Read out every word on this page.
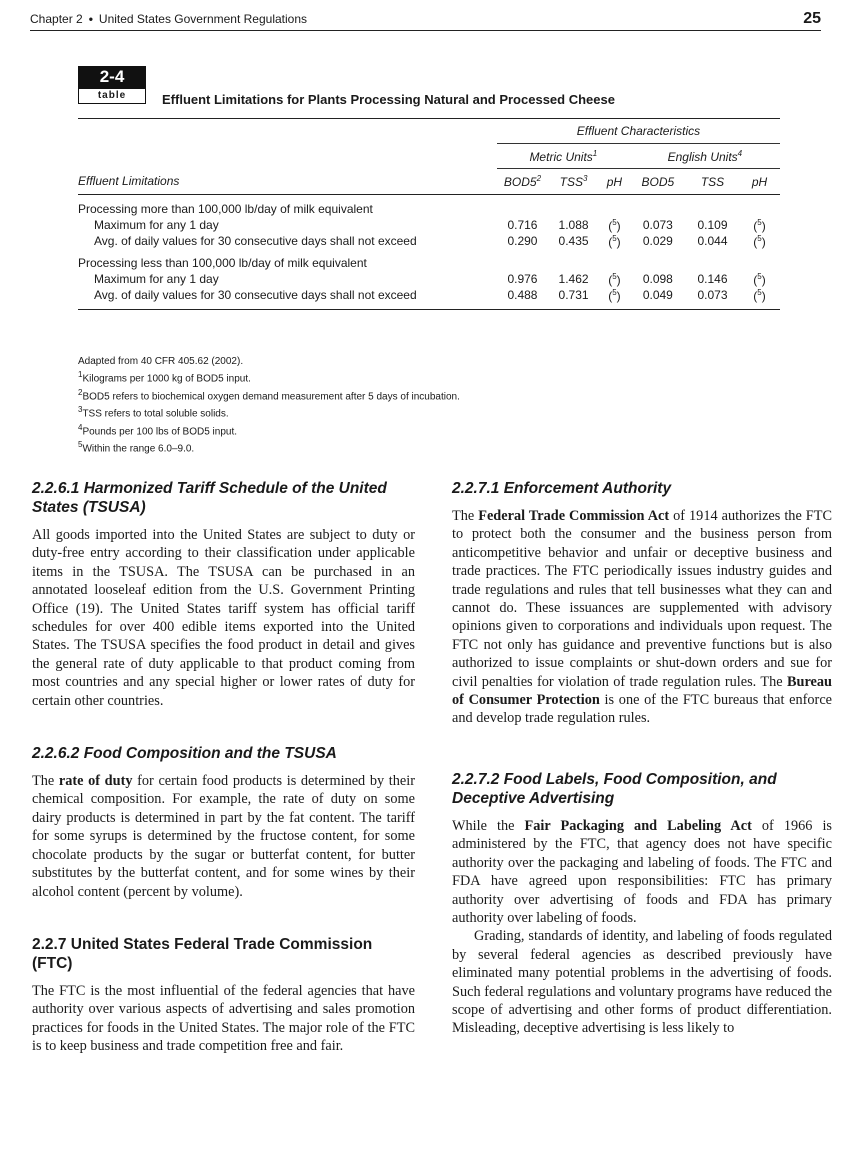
Chapter 2 • United States Government Regulations	25
2-4
table	Effluent Limitations for Plants Processing Natural and Processed Cheese

	Effluent Characteristics					
	Metric Units$^1$			English Units$^4$
Effluent Limitations	$BOD5^2$	TSS$^3$	pH	BOD5	TSS	pH
Processing more than 100,000 lb/day of milk equivalent						
Maximum for any 1 day	0.716	1.088	($^5$)	0.073	0.109	($^5$)
Avg. of daily values for 30 consecutive days shall not exceed	0.290	0.435	($^5$)	0.029	0.044	($^5$)
Processing less than 100,000 lb/day of milk equivalent						
Maximum for any 1 day	0.976	1.462	($^5$)	0.098	0.146	($^5$)
Avg. of daily values for 30 consecutive days shall not exceed	0.488	0.731	($^5$)	0.049	0.073	($^5$)

Adapted from 40 CFR 405.62 (2002).
$^1$Kilograms per 1000 kg of BOD5 input.
$^2$BOD5 refers to biochemical oxygen demand measurement after 5 days of incubation.
$^3$TSS refers to total soluble solids.
$^4$Pounds per 100 lbs of BOD5 input.
$^5$Within the range 6.0–9.0.
2.2.6.1 Harmonized Tariff Schedule of the United States (TSUSA)

All goods imported into the United States are subject to duty or duty-free entry according to their classification under applicable items in the TSUSA. The TSUSA can be purchased in an annotated looseleaf edition from the U.S. Government Printing Office (19). The United States tariff system has official tariff schedules for over 400 edible items exported into the United States. The TSUSA specifies the food product in detail and gives the general rate of duty applicable to that product coming from most countries and any special higher or lower rates of duty for certain other countries.

2.2.6.2 Food Composition and the TSUSA

The rate of duty for certain food products is determined by their chemical composition. For example, the rate of duty on some dairy products is determined in part by the fat content. The tariff for some syrups is determined by the fructose content, for some chocolate products by the sugar or butterfat content, for butter substitutes by the butterfat content, and for some wines by their alcohol content (percent by volume).

2.2.7 United States Federal Trade Commission (FTC)

The FTC is the most influential of the federal agencies that have authority over various aspects of advertising and sales promotion practices for foods in the United States. The major role of the FTC is to keep business and trade competition free and fair.

2.2.7.1 Enforcement Authority

The Federal Trade Commission Act of 1914 authorizes the FTC to protect both the consumer and the business person from anticompetitive behavior and unfair or deceptive business and trade practices. The FTC periodically issues industry guides and trade regulations and rules that tell businesses what they can and cannot do. These issuances are supplemented with advisory opinions given to corporations and individuals upon request. The FTC not only has guidance and preventive functions but is also authorized to issue complaints or shut-down orders and sue for civil penalties for violation of trade regulation rules. The Bureau of Consumer Protection is one of the FTC bureaus that enforce and develop trade regulation rules.

2.2.7.2 Food Labels, Food Composition, and Deceptive Advertising

While the Fair Packaging and Labeling Act of 1966 is administered by the FTC, that agency does not have specific authority over the packaging and labeling of foods. The FTC and FDA have agreed upon responsibilities: FTC has primary authority over advertising of foods and FDA has primary authority over labeling of foods.

Grading, standards of identity, and labeling of foods regulated by several federal agencies as described previously have eliminated many potential problems in the advertising of foods. Such federal regulations and voluntary programs have reduced the scope of advertising and other forms of product differentiation. Misleading, deceptive advertising is less likely to
